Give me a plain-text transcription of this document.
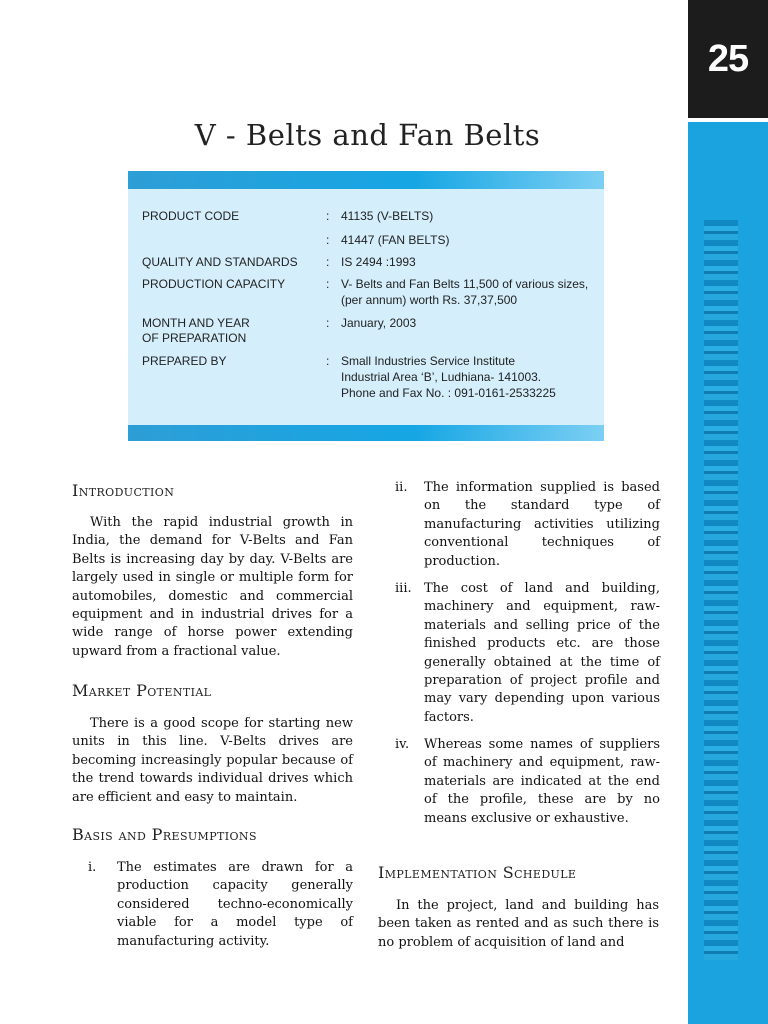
25
V - Belts and Fan Belts
PRODUCT CODE	: 41135 (V-BELTS)
: 41447 (FAN BELTS)
QUALITY AND STANDARDS	: IS 2494 :1993
PRODUCTION CAPACITY	: V- Belts and Fan Belts 11,500 of various sizes,
(per annum) worth Rs. 37,37,500
MONTH AND YEAR	: January, 2003
OF PREPARATION
PREPARED BY	: Small Industries Service Institute
Industrial Area ‘B’, Ludhiana- 141003.
Phone and Fax No. : 091-0161-2533225
Introduction
With the rapid industrial growth in India, the demand for V-Belts and Fan Belts is increasing day by day. V-Belts are largely used in single or multiple form for automobiles, domestic and commercial equipment and in industrial drives for a wide range of horse power extending upward from a fractional value.
Market Potential
There is a good scope for starting new units in this line. V-Belts drives are becoming increasingly popular because of the trend towards individual drives which are efficient and easy to maintain.
Basis and Presumptions
i. The estimates are drawn for a production capacity generally considered techno-economically viable for a model type of manufacturing activity.
ii. The information supplied is based on the standard type of manufacturing activities utilizing conventional techniques of production.
iii. The cost of land and building, machinery and equipment, raw-materials and selling price of the finished products etc. are those generally obtained at the time of preparation of project profile and may vary depending upon various factors.
iv. Whereas some names of suppliers of machinery and equipment, raw-materials are indicated at the end of the profile, these are by no means exclusive or exhaustive.
Implementation Schedule
In the project, land and building has been taken as rented and as such there is no problem of acquisition of land and
